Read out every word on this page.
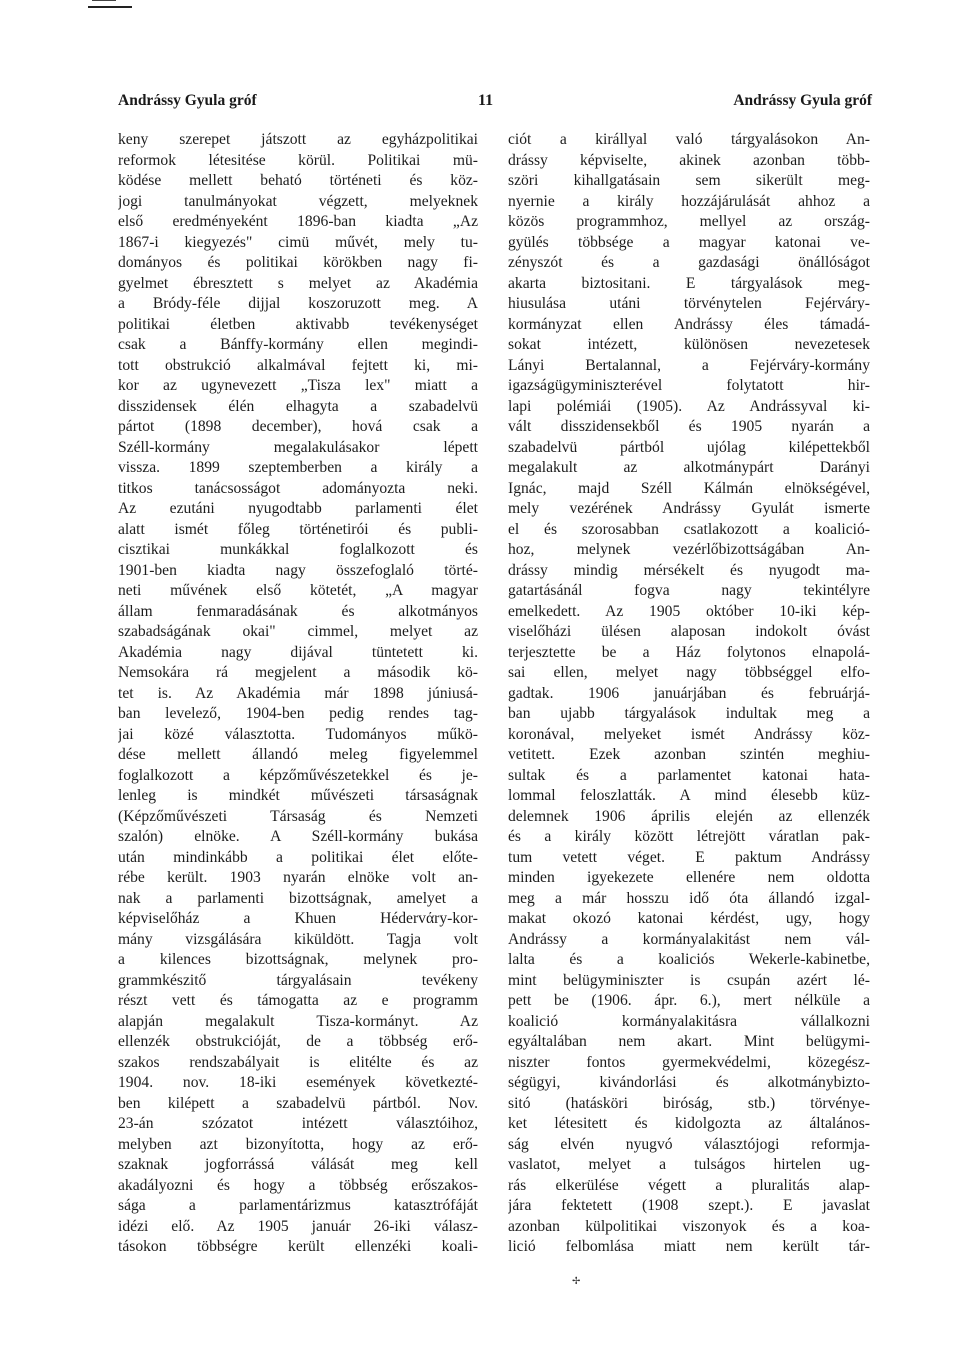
Andrássy Gyula gróf	11	Andrássy Gyula gróf
keny szerepet játszott az egyházpolitikai
reformok létesitése körül. Politikai mü-
ködése mellett beható történeti és köz-
jogi tanulmányokat végzett, melyeknek
első eredményeként 1896-ban kiadta „Az
1867-i kiegyezés" cimü művét, mely tu-
dományos és politikai körökben nagy fi-
gyelmet ébresztett s melyet az Akadémia
a Bródy-féle dijjal koszoruzott meg. A
politikai életben aktivabb tevékenységet
csak a Bánffy-kormány ellen megindi-
tott obstrukció alkalmával fejtett ki, mi-
kor az ugynevezett „Tisza lex" miatt a
disszidensek élén elhagyta a szabadelvü
pártot (1898 december), hová csak a
Széll-kormány megalakulásakor lépett
vissza. 1899 szeptemberben a király a
titkos tanácsosságot adományozta neki.
Az ezutáni nyugodtabb parlamenti élet
alatt ismét főleg történetirói és publi-
cisztikai munkákkal foglalkozott és
1901-ben kiadta nagy összefoglaló törté-
neti művének első kötetét, „A magyar
állam fenmaradásának és alkotmányos
szabadságának okai" cimmel, melyet az
Akadémia nagy dijával tüntetett ki.
Nemsokára rá megjelent a második kö-
tet is. Az Akadémia már 1898 júniusá-
ban levelező, 1904-ben pedig rendes tag-
jai közé választotta. Tudományos műkö-
dése mellett állandó meleg figyelemmel
foglalkozott a képzőművészetekkel és je-
lenleg is mindkét művészeti társaságnak
(Képzőművészeti Társaság és Nemzeti
szalón) elnöke. A Széll-kormány bukása
után mindinkább a politikai élet előte-
rébe került. 1903 nyarán elnöke volt an-
nak a parlamenti bizottságnak, amelyet a
képviselőház a Khuen Hédervάry-kor-
mány vizsgálására kiküldött. Tagja volt
a kilences bizottságnak, melynek pro-
grammkészitő tárgyalásain tevékeny
részt vett és támogatta az e programm
alapján megalakult Tisza-kormányt. Az
ellenzék obstrukcióját, de a többség erő-
szakos rendszabályait is elitélte és az
1904. nov. 18-iki események következté-
ben kilépett a szabadelvü pártból. Nov.
23-án szózatot intézett választóihoz,
melyben azt bizonyította, hogy az erő-
szaknak jogforrássá válását meg kell
akadályozni és hogy a többség erőszakos-
sága a parlamentárizmus katasztrófáját
idézi elő. Az 1905 január 26-iki válasz-
tásokon többségre került ellenzéki koali-
ciót a királlyal való tárgyalásokon An-
drássy képviselte, akinek azonban több-
szöri kihallgatásain sem sikerült meg-
nyernie a király hozzájárulását ahhoz a
közös programmhoz, mellyel az ország-
gyülés többsége a magyar katonai ve-
zényszót és a gazdasági önállóságot
akarta biztositani. E tárgyalások meg-
hiusulása utáni törvénytelen Fejérváry-
kormányzat ellen Andrássy éles támadá-
sokat intézett, különösen nevezetesek
Lányi Bertalannal, a Fejérváry-kormány
igazságügyminiszterével folytatott hir-
lapi polémiái (1905). Az Andrássyval ki-
vált disszidensekből és 1905 nyarán a
szabadelvü pártból ujólag kilépettekből
megalakult az alkotmánypárt Darányi
Ignác, majd Széll Kálmán elnökségével,
mely vezérének Andrássy Gyulát ismerte
el és szorosabban csatlakozott a koalició-
hoz, melynek vezérlőbizottságában An-
drássy mindig mérsékelt és nyugodt ma-
gatartásánál fogva nagy tekintélyre
emelkedett. Az 1905 október 10-iki kép-
viselőházi ülésen alaposan indokolt óvást
terjesztette be a Ház folytonos elnapolá-
sai ellen, melyet nagy többséggel elfo-
gadtak. 1906 januárjában és februárjá-
ban ujabb tárgyalások indultak meg a
koronával, melyeket ismét Andrássy köz-
vetitett. Ezek azonban szintén meghiu-
sultak és a parlamentet katonai hata-
lommal feloszlatták. A mind élesebb küz-
delemnek 1906 április elején az ellenzék
és a király között létrejött váratlan pak-
tum vetett véget. E paktum Andrássy
minden igyekezete ellenére nem oldotta
meg a már hosszu idő óta állandó izgal-
makat okozó katonai kérdést, ugy, hogy
Andrássy a kormányalakitást nem vál-
lalta és a koaliciós Wekerle-kabinetbe,
mint belügyminiszter is csupán azért lé-
pett be (1906. ápr. 6.), mert nélküle a
koalició kormányalakitásra vállalkozni
egyáltalában nem akart. Mint belügymi-
niszter fontos gyermekvédelmi, közegész-
ségügyi, kivándorlási és alkotmánybizto-
sitó (hatásköri biróság, stb.) törvénye-
ket létesitett és kidolgozta az általános-
ság elvén nyugvó választójogi reformja-
vaslatot, melyet a tulságos hirtelen ug-
rás elkerülése végett a pluralitás alap-
jára fektetett (1908 szept.). E javaslat
azonban külpolitikai viszonyok és a koa-
lició felbomlása miatt nem került tár-
✢
